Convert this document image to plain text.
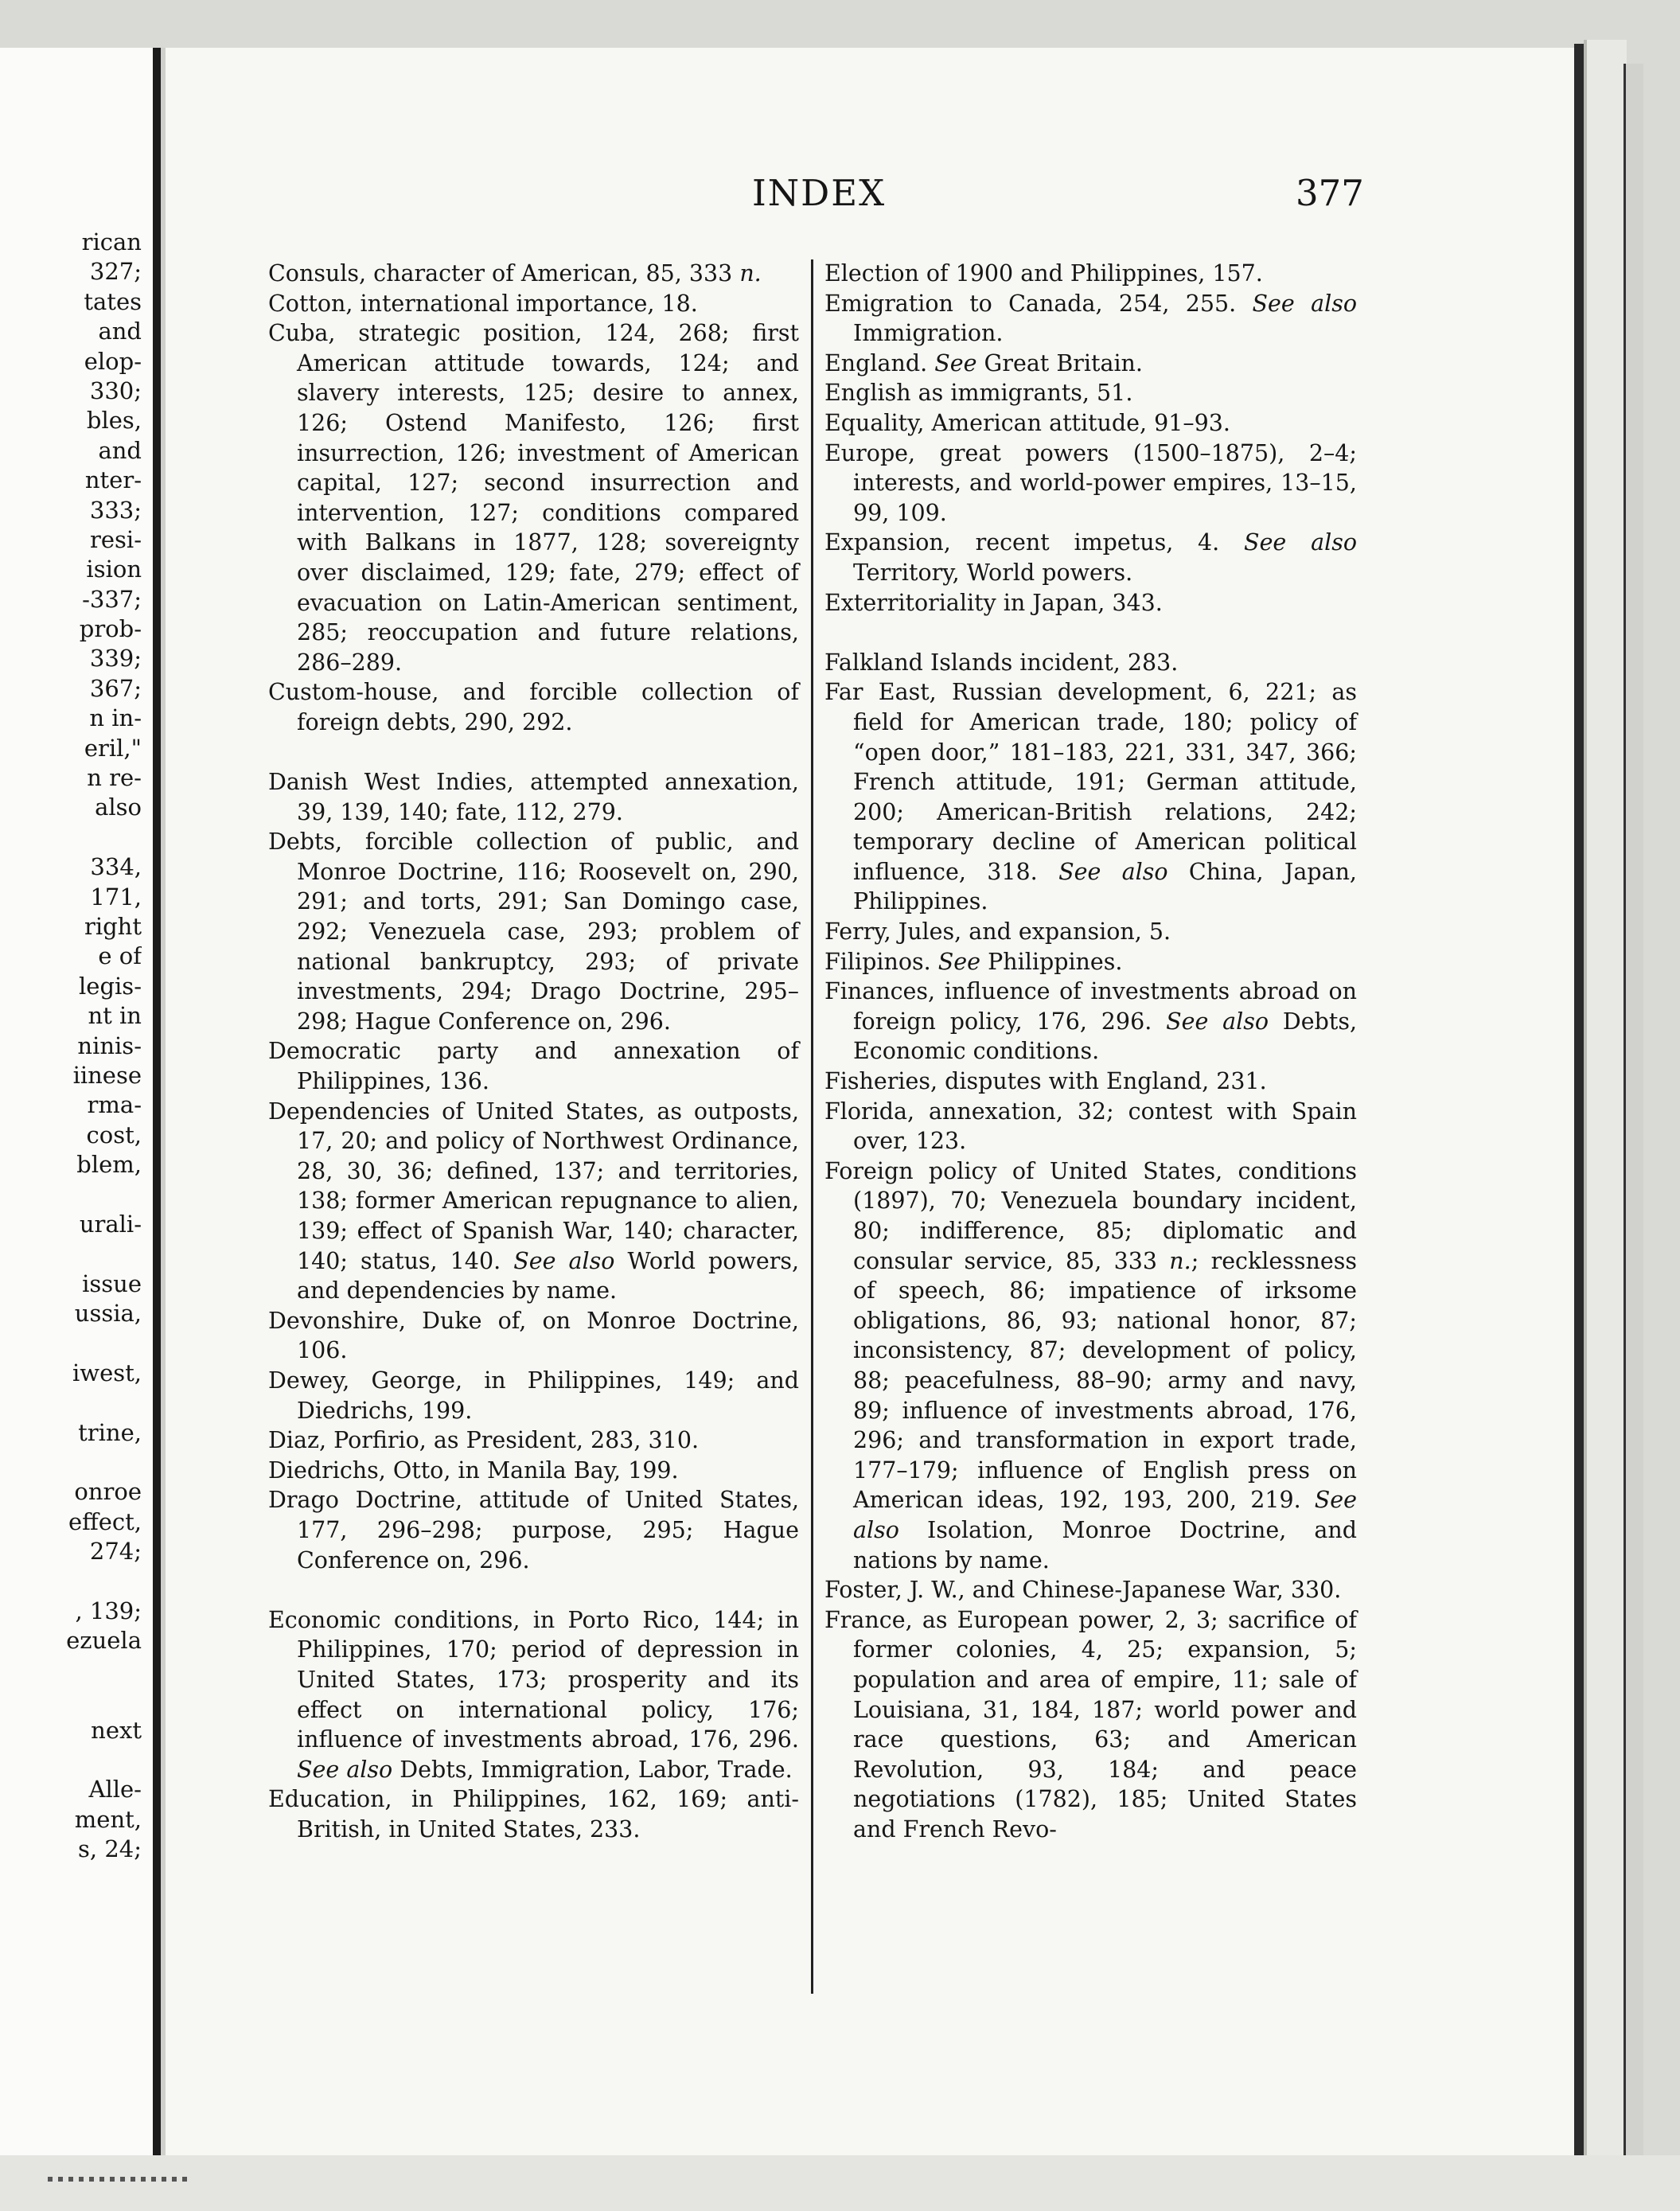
rican
327;
tates
and
elop-
330;
bles,
and
nter-
333;
resi-
ision
-337;
prob-
339;
367;
n in-
eril,"
n re-
also
334,
171,
right
e of
legis-
nt in
ninis-
iinese
rma-
cost,
blem,
urali-
issue
ussia,
iwest,
trine,
onroe
effect,
274;
, 139;
ezuela
next
Alle-
ment,
s, 24;
INDEX	377
Consuls, character of American, 85, 333 n.
Cotton, international importance, 18.
Cuba, strategic position, 124, 268; first American attitude towards, 124; and slavery interests, 125; desire to annex, 126; Ostend Manifesto, 126; first insurrection, 126; investment of American capital, 127; second insurrection and intervention, 127; conditions compared with Balkans in 1877, 128; sovereignty over disclaimed, 129; fate, 279; effect of evacuation on Latin-American sentiment, 285; reoccupation and future relations, 286–289.
Custom-house, and forcible collection of foreign debts, 290, 292.
Danish West Indies, attempted annexation, 39, 139, 140; fate, 112, 279.
Debts, forcible collection of public, and Monroe Doctrine, 116; Roosevelt on, 290, 291; and torts, 291; San Domingo case, 292; Venezuela case, 293; problem of national bankruptcy, 293; of private investments, 294; Drago Doctrine, 295–298; Hague Conference on, 296.
Democratic party and annexation of Philippines, 136.
Dependencies of United States, as outposts, 17, 20; and policy of Northwest Ordinance, 28, 30, 36; defined, 137; and territories, 138; former American repugnance to alien, 139; effect of Spanish War, 140; character, 140; status, 140. See also World powers, and dependencies by name.
Devonshire, Duke of, on Monroe Doctrine, 106.
Dewey, George, in Philippines, 149; and Diedrichs, 199.
Diaz, Porfirio, as President, 283, 310.
Diedrichs, Otto, in Manila Bay, 199.
Drago Doctrine, attitude of United States, 177, 296–298; purpose, 295; Hague Conference on, 296.
Economic conditions, in Porto Rico, 144; in Philippines, 170; period of depression in United States, 173; prosperity and its effect on international policy, 176; influence of investments abroad, 176, 296. See also Debts, Immigration, Labor, Trade.
Education, in Philippines, 162, 169; anti-British, in United States, 233.
Election of 1900 and Philippines, 157.
Emigration to Canada, 254, 255. See also Immigration.
England. See Great Britain.
English as immigrants, 51.
Equality, American attitude, 91–93.
Europe, great powers (1500–1875), 2–4; interests, and world-power empires, 13–15, 99, 109.
Expansion, recent impetus, 4. See also Territory, World powers.
Exterritoriality in Japan, 343.
Falkland Islands incident, 283.
Far East, Russian development, 6, 221; as field for American trade, 180; policy of “open door,” 181–183, 221, 331, 347, 366; French attitude, 191; German attitude, 200; American-British relations, 242; temporary decline of American political influence, 318. See also China, Japan, Philippines.
Ferry, Jules, and expansion, 5.
Filipinos. See Philippines.
Finances, influence of investments abroad on foreign policy, 176, 296. See also Debts, Economic conditions.
Fisheries, disputes with England, 231.
Florida, annexation, 32; contest with Spain over, 123.
Foreign policy of United States, conditions (1897), 70; Venezuela boundary incident, 80; indifference, 85; diplomatic and consular service, 85, 333 n.; recklessness of speech, 86; impatience of irksome obligations, 86, 93; national honor, 87; inconsistency, 87; development of policy, 88; peacefulness, 88–90; army and navy, 89; influence of investments abroad, 176, 296; and transformation in export trade, 177–179; influence of English press on American ideas, 192, 193, 200, 219. See also Isolation, Monroe Doctrine, and nations by name.
Foster, J. W., and Chinese-Japanese War, 330.
France, as European power, 2, 3; sacrifice of former colonies, 4, 25; expansion, 5; population and area of empire, 11; sale of Louisiana, 31, 184, 187; world power and race questions, 63; and American Revolution, 93, 184; and peace negotiations (1782), 185; United States and French Revo-
